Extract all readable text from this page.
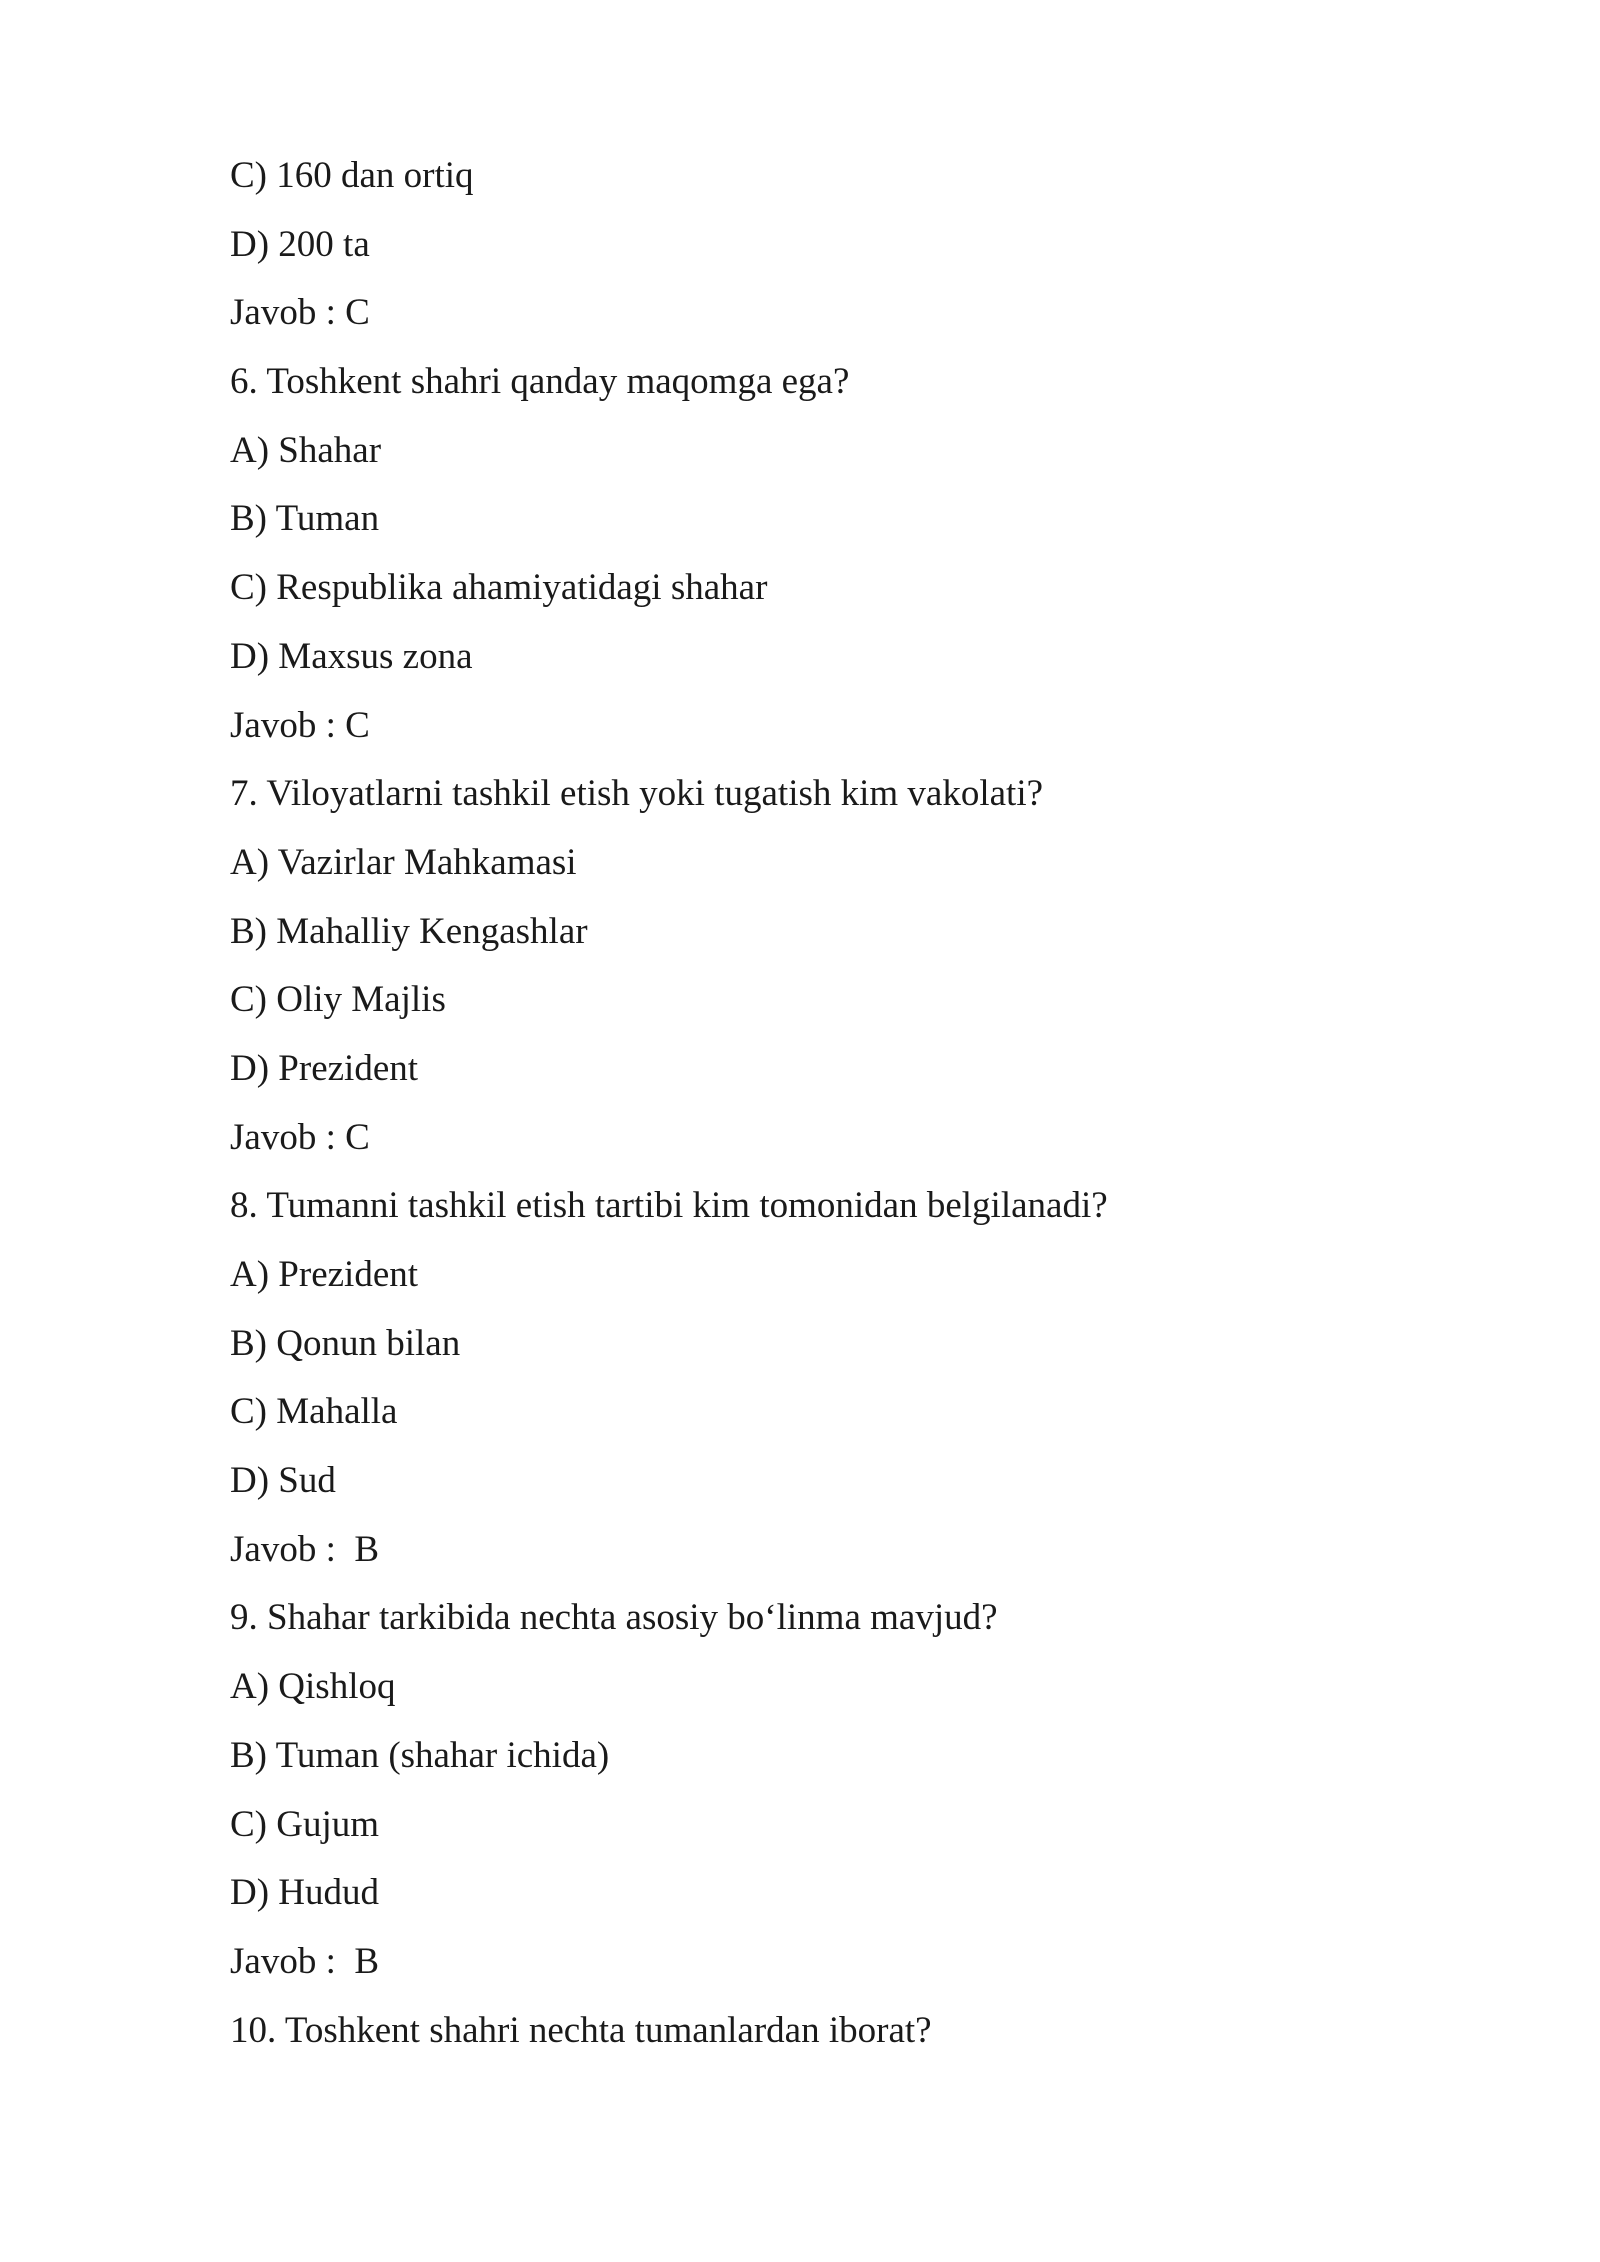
C) 160 dan ortiq
D) 200 ta
Javob : C
6. Toshkent shahri qanday maqomga ega?
A) Shahar
B) Tuman
C) Respublika ahamiyatidagi shahar
D) Maxsus zona
Javob : C
7. Viloyatlarni tashkil etish yoki tugatish kim vakolati?
A) Vazirlar Mahkamasi
B) Mahalliy Kengashlar
C) Oliy Majlis
D) Prezident
Javob : C
8. Tumanni tashkil etish tartibi kim tomonidan belgilanadi?
A) Prezident
B) Qonun bilan
C) Mahalla
D) Sud
Javob :  B
9. Shahar tarkibida nechta asosiy bo‘linma mavjud?
A) Qishloq
B) Tuman (shahar ichida)
C) Gujum
D) Hudud
Javob :  B
10. Toshkent shahri nechta tumanlardan iborat?
